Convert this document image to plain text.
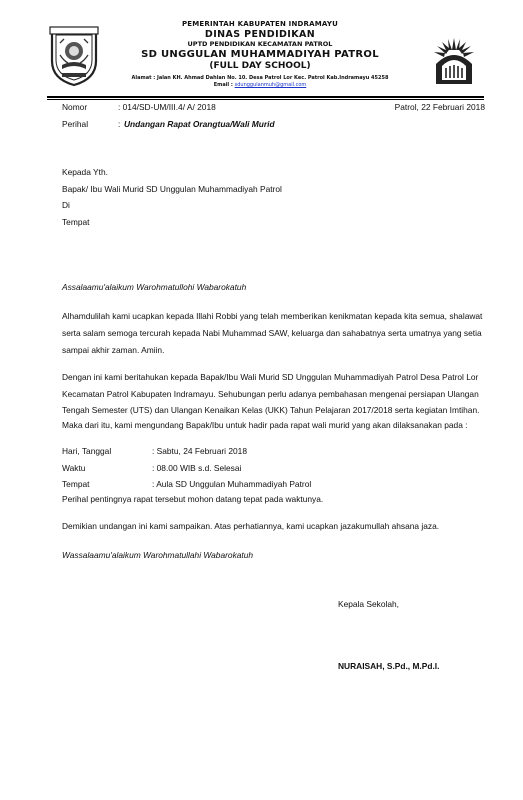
PEMERINTAH KABUPATEN INDRAMAYU
DINAS PENDIDIKAN
UPTD PENDIDIKAN KECAMATAN PATROL
SD UNGGULAN MUHAMMADIYAH PATROL
(FULL DAY SCHOOL)
Alamat : Jalan KH. Ahmad Dahlan No. 10. Desa Patrol Lor Kec. Patrol Kab.Indramayu 45258
Email : sdunggulanmuh@gmail.com
Nomor	: 014/SD-UM/III.4/ A/ 2018	Patrol, 22 Februari 2018
Perihal	: Undangan Rapat Orangtua/Wali Murid
Kepada Yth.
Bapak/ Ibu Wali Murid SD Unggulan Muhammadiyah Patrol
Di
Tempat
Assalaamu'alaikum Warohmatullohi Wabarokatuh
Alhamdulilah kami ucapkan kepada Illahi Robbi yang telah memberikan kenikmatan kepada kita semua, shalawat
serta salam semoga tercurah kepada Nabi Muhammad SAW, keluarga dan sahabatnya serta umatnya yang setia
sampai akhir zaman. Amiin.
Dengan ini kami beritahukan kepada Bapak/Ibu Wali Murid SD Unggulan Muhammadiyah Patrol Desa Patrol Lor
Kecamatan Patrol Kabupaten Indramayu. Sehubungan perlu adanya pembahasan mengenai persiapan Ulangan
Tengah Semester (UTS) dan Ulangan Kenaikan Kelas (UKK) Tahun Pelajaran 2017/2018 serta kegiatan Imtihan.
Maka dari itu, kami mengundang Bapak/Ibu untuk hadir pada rapat wali murid yang akan dilaksanakan pada :
Hari, Tanggal	: Sabtu, 24 Februari 2018
Waktu	: 08.00 WIB s.d. Selesai
Tempat	: Aula SD Unggulan Muhammadiyah Patrol
Perihal pentingnya rapat tersebut mohon datang tepat pada waktunya.
Demikian undangan ini kami sampaikan. Atas perhatiannya, kami ucapkan jazakumullah ahsana jaza.
Wassalaamu'alaikum Warohmatullahi Wabarokatuh
Kepala Sekolah,
NURAISAH, S.Pd., M.Pd.I.
